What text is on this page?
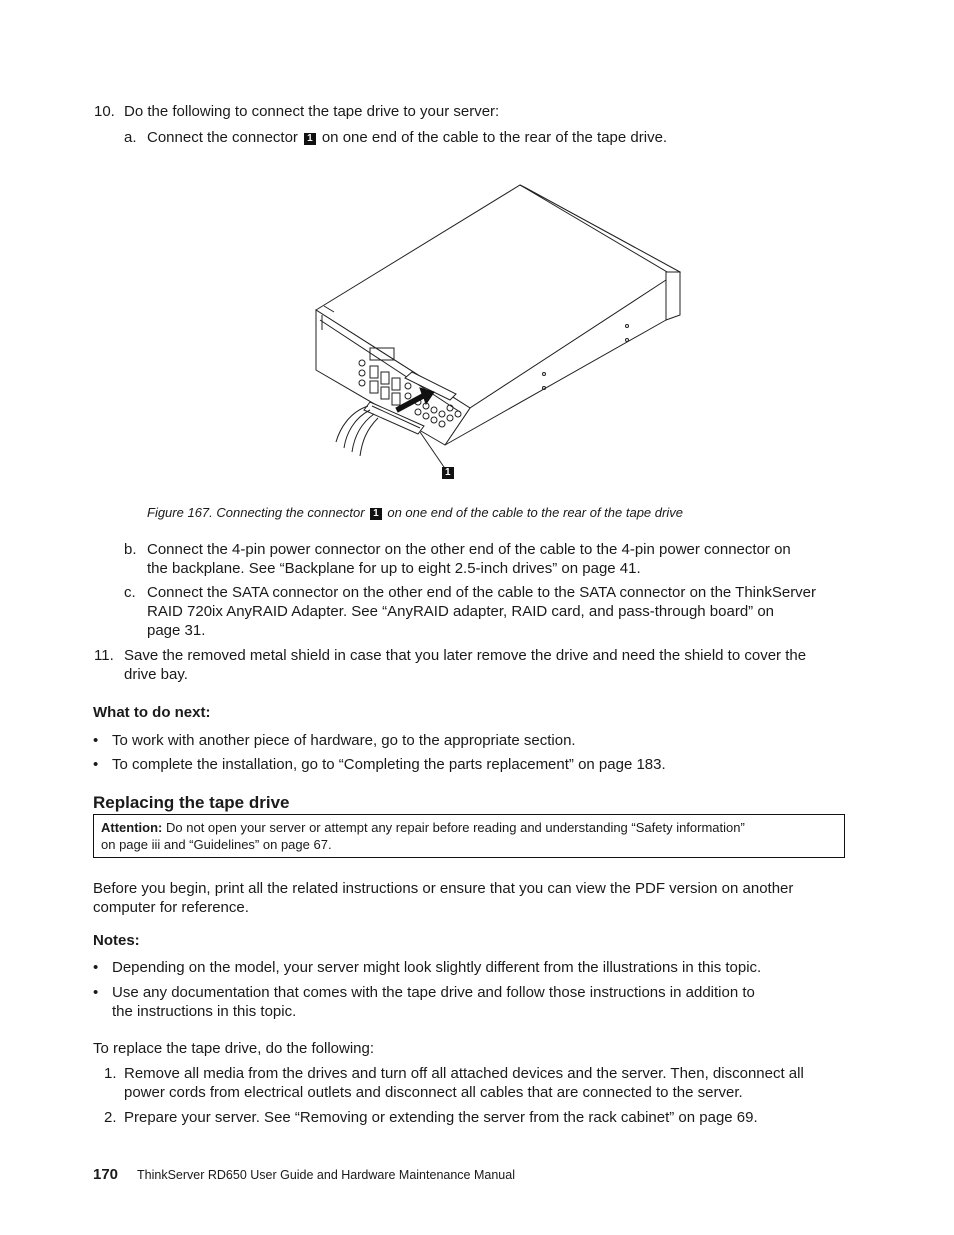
10. Do the following to connect the tape drive to your server:
a. Connect the connector 1 on one end of the cable to the rear of the tape drive.
1
Figure 167. Connecting the connector 1 on one end of the cable to the rear of the tape drive
b. Connect the 4-pin power connector on the other end of the cable to the 4-pin power connector on
the backplane. See “Backplane for up to eight 2.5-inch drives” on page 41.
c. Connect the SATA connector on the other end of the cable to the SATA connector on the ThinkServer
RAID 720ix AnyRAID Adapter. See “AnyRAID adapter, RAID card, and pass-through board” on
page 31.
11. Save the removed metal shield in case that you later remove the drive and need the shield to cover the
drive bay.
What to do next:
• To work with another piece of hardware, go to the appropriate section.
• To complete the installation, go to “Completing the parts replacement” on page 183.
Replacing the tape drive
Attention: Do not open your server or attempt any repair before reading and understanding “Safety information”
on page iii and “Guidelines” on page 67.
Before you begin, print all the related instructions or ensure that you can view the PDF version on another
computer for reference.
Notes:
• Depending on the model, your server might look slightly different from the illustrations in this topic.
• Use any documentation that comes with the tape drive and follow those instructions in addition to
the instructions in this topic.
To replace the tape drive, do the following:
1. Remove all media from the drives and turn off all attached devices and the server. Then, disconnect all
power cords from electrical outlets and disconnect all cables that are connected to the server.
2. Prepare your server. See “Removing or extending the server from the rack cabinet” on page 69.
170 ThinkServer RD650 User Guide and Hardware Maintenance Manual
